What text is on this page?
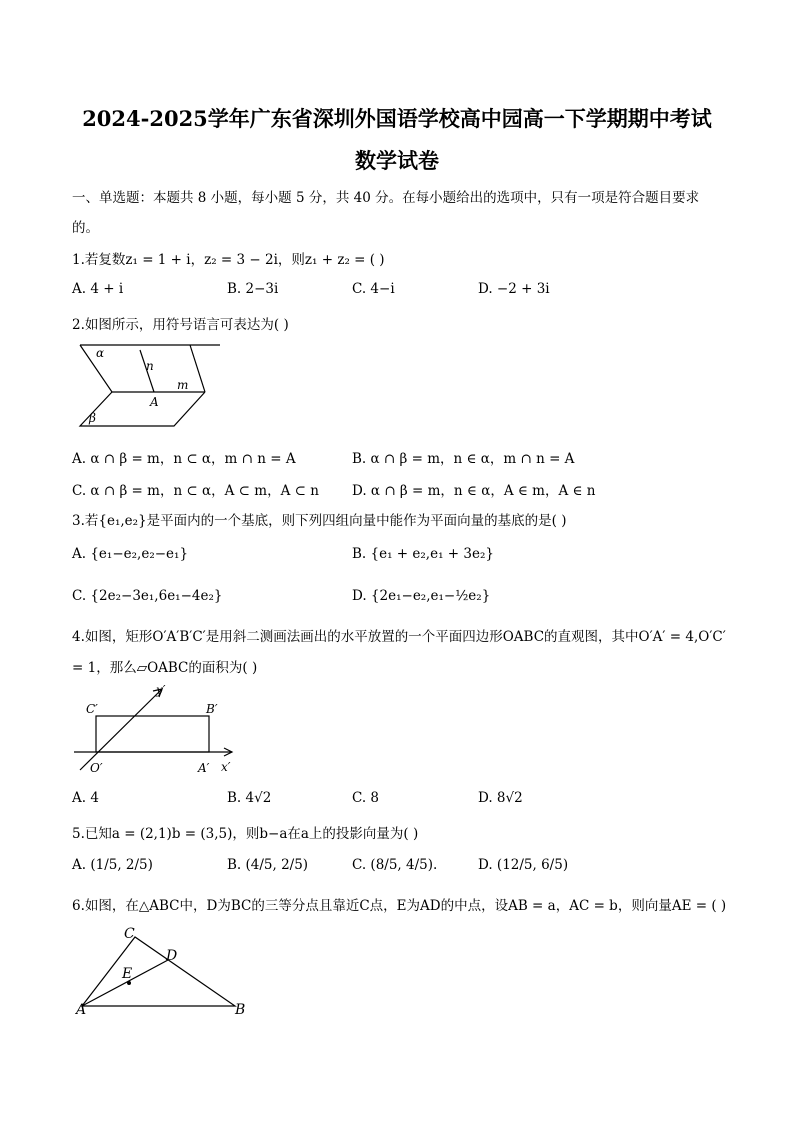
2024-2025学年广东省深圳外国语学校高中园高一下学期期中考试
数学试卷
一、单选题：本题共 8 小题，每小题 5 分，共 40 分。在每小题给出的选项中，只有一项是符合题目要求
的。
1.若复数z₁ = 1 + i，z₂ = 3 − 2i，则z₁ + z₂ = ( )
A. 4 + i	B. 2−3i	C. 4−i	D. −2 + 3i
2.如图所示，用符号语言可表达为( )
α
β
n
m
A
A. α ∩ β = m，n ⊂ α，m ∩ n = A	B. α ∩ β = m，n ∈ α，m ∩ n = A
C. α ∩ β = m，n ⊂ α，A ⊂ m，A ⊂ n D. α ∩ β = m，n ∈ α，A ∈ m，A ∈ n
3.若{e₁,e₂}是平面内的一个基底，则下列四组向量中能作为平面向量的基底的是( )
A. {e₁−e₂,e₂−e₁}	B. {e₁ + e₂,e₁ + 3e₂}
C. {2e₂−3e₁,6e₁−4e₂}	D. {2e₁−e₂,e₁−½e₂}
4.如图，矩形O′A′B′C′是用斜二测画法画出的水平放置的一个平面四边形OABC的直观图，其中O′A′ = 4,O′C′
= 1，那么▱OABC的面积为( )
C′	B′
O′	A′ x′
y′
A. 4	B. 4√2	C. 8	D. 8√2
5.已知a = (2,1)b = (3,5)，则b−a在a上的投影向量为( )
A. (1/5, 2/5)	B. (4/5, 2/5)	C. (8/5, 4/5).	D. (12/5, 6/5)
6.如图，在△ABC中，D为BC的三等分点且靠近C点，E为AD的中点，设AB = a，AC = b，则向量AE = ( )
A	B
C
D
E
